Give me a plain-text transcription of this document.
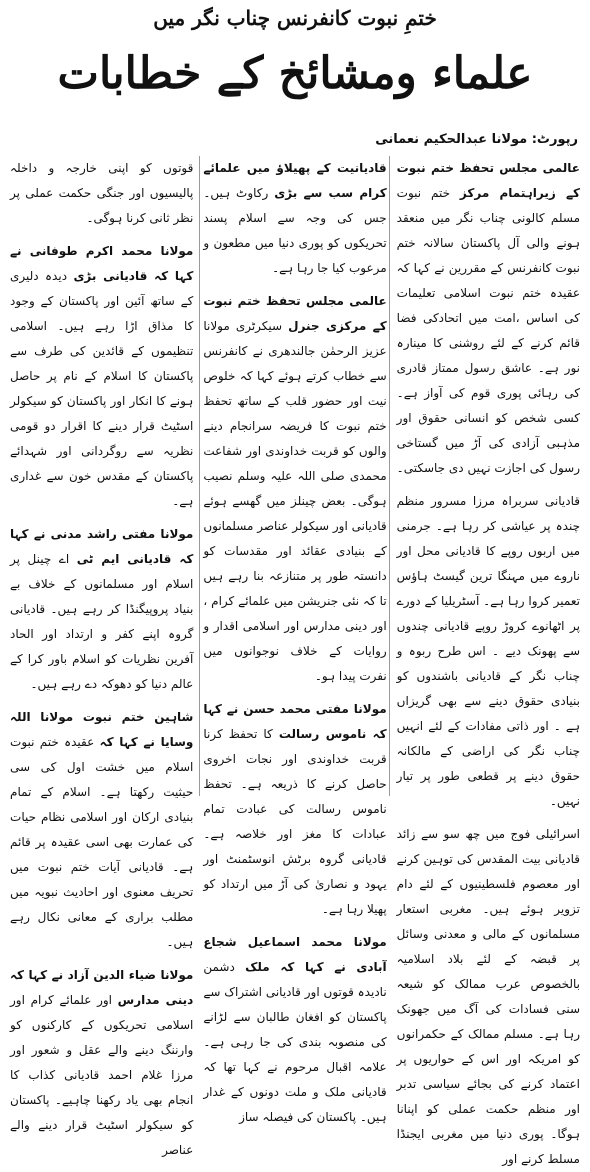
ختمِ نبوت کانفرنس چناب نگر میں
علماء ومشائخ کے خطابات
رپورٹ: مولانا عبدالحکیم نعمانی

عالمی مجلس تحفظ ختم نبوت کے زیراہتمام مرکز ختم نبوت مسلم کالونی چناب نگر میں منعقد ہونے والی آل پاکستان سالانہ ختم نبوت کانفرنس کے مقررین نے کہا کہ عقیدہ ختم نبوت اسلامی تعلیمات کی اساس ،امت میں اتحادکی فضا قائم کرنے کے لئے روشنی کا مینارہ نور ہے۔ عاشق رسول ممتاز قادری کی رہائی پوری قوم کی آواز ہے۔ کسی شخص کو انسانی حقوق اور مذہبی آزادی کی آڑ میں گستاخی رسول کی اجازت نہیں دی جاسکتی۔

قادیانی سربراہ مرزا مسرور منظم چندہ پر عیاشی کر رہا ہے۔ جرمنی میں اربوں روپے کا قادیانی محل اور ناروے میں مہنگا ترین گیسٹ ہاؤس تعمیر کروا رہا ہے۔ آسٹریلیا کے دورے پر اٹھانوے کروڑ روپے قادیانی چندوں سے پھونک دیے ۔ اس طرح ربوہ و چناب نگر کے قادیانی باشندوں کو بنیادی حقوق دینے سے بھی گریزاں ہے ۔ اور ذاتی مفادات کے لئے انہیں چناب نگر کی اراضی کے مالکانہ حقوق دینے پر قطعی طور پر تیار نہیں۔

اسرائیلی فوج میں چھ سو سے زائد قادیانی بیت المقدس کی توہین کرنے اور معصوم فلسطینیوں کے لئے دام تزویر ہوئے ہیں۔ مغربی استعار مسلمانوں کے مالی و معدنی وسائل پر قبضہ کے لئے بلاد اسلامیہ بالخصوص عرب ممالک کو شیعہ سنی فسادات کی آگ میں جھونک رہا ہے۔ مسلم ممالک کے حکمرانوں کو امریکہ اور اس کے حواریوں پر اعتماد کرنے کی بجائے سیاسی تدبر اور منظم حکمت عملی کو اپنانا ہوگا۔ پوری دنیا میں مغربی ایجنڈا مسلط کرنے اور

قادیانیت کے پھیلاؤ میں علمائے کرام سب سے بڑی رکاوٹ ہیں۔ جس کی وجہ سے اسلام پسند تحریکوں کو پوری دنیا میں مطعون و مرعوب کیا جا رہا ہے۔

عالمی مجلس تحفظ ختم نبوت کے مرکزی جنرل سیکرٹری مولانا عزیز الرحمٰن جالندھری نے کانفرنس سے خطاب کرتے ہوئے کہا کہ خلوص نیت اور حضور قلب کے ساتھ تحفظ ختم نبوت کا فریضہ سرانجام دینے والوں کو قربت خداوندی اور شفاعت محمدی صلی اللہ علیہ وسلم نصیب ہوگی۔ بعض چینلز میں گھسے ہوئے قادیانی اور سیکولر عناصر مسلمانوں کے بنیادی عقائد اور مقدسات کو دانستہ طور پر متنازعہ بنا رہے ہیں تا کہ نئی جنریشن میں علمائے کرام ، اور دینی مدارس اور اسلامی اقدار و روایات کے خلاف نوجوانوں میں نفرت پیدا ہو۔

مولانا مفتی محمد حسن نے کہا کہ ناموس رسالت کا تحفظ کرنا قربت خداوندی اور نجات اخروی حاصل کرنے کا ذریعہ ہے۔ تحفظ ناموس رسالت کی عبادت تمام عبادات کا مغز اور خلاصہ ہے۔ قادیانی گروہ برٹش انوسٹمنٹ اور یہود و نصاریٰ کی آڑ میں ارتداد کو پھیلا رہا ہے۔

مولانا محمد اسماعیل شجاع آبادی نے کہا کہ ملک دشمن نادیدہ قوتوں اور قادیانی اشتراک سے پاکستان کو افغان طالبان سے لڑانے کی منصوبہ بندی کی جا رہی ہے۔ علامہ اقبال مرحوم نے کہا تھا کہ قادیانی ملک و ملت دونوں کے غدار ہیں۔ پاکستان کی فیصلہ ساز

قوتوں کو اپنی خارجہ و داخلہ پالیسیوں اور جنگی حکمت عملی پر نظر ثانی کرنا ہوگی۔

مولانا محمد اکرم طوفانی نے کہا کہ قادیانی بڑی دیدہ دلیری کے ساتھ آئین اور پاکستان کے وجود کا مذاق اڑا رہے ہیں۔ اسلامی تنظیموں کے قائدین کی طرف سے پاکستان کا اسلام کے نام پر حاصل ہونے کا انکار اور پاکستان کو سیکولر اسٹیٹ قرار دینے کا اقرار دو قومی نظریہ سے روگردانی اور شہدائے پاکستان کے مقدس خون سے غداری ہے۔

مولانا مفتی راشد مدنی نے کہا کہ قادیانی ایم ٹی اے چینل پر اسلام اور مسلمانوں کے خلاف بے بنیاد پروپیگنڈا کر رہے ہیں۔ قادیانی گروہ اپنے کفر و ارتداد اور الحاد آفرین نظریات کو اسلام باور کرا کے عالم دنیا کو دھوکہ دے رہے ہیں۔

شاہین ختم نبوت مولانا اللہ وسایا نے کہا کہ عقیدہ ختم نبوت اسلام میں خشت اول کی سی حیثیت رکھتا ہے۔ اسلام کے تمام بنیادی ارکان اور اسلامی نظام حیات کی عمارت بھی اسی عقیدہ پر قائم ہے۔ قادیانی آیات ختم نبوت میں تحریف معنوی اور احادیث نبویہ میں مطلب براری کے معانی نکال رہے ہیں۔

مولانا ضیاء الدین آزاد نے کہا کہ دینی مدارس اور علمائے کرام اور اسلامی تحریکوں کے کارکنوں کو وارننگ دینے والے عقل و شعور اور مرزا غلام احمد قادیانی کذاب کا انجام بھی یاد رکھنا چاہیے۔ پاکستان کو سیکولر اسٹیٹ قرار دینے والے عناصر
